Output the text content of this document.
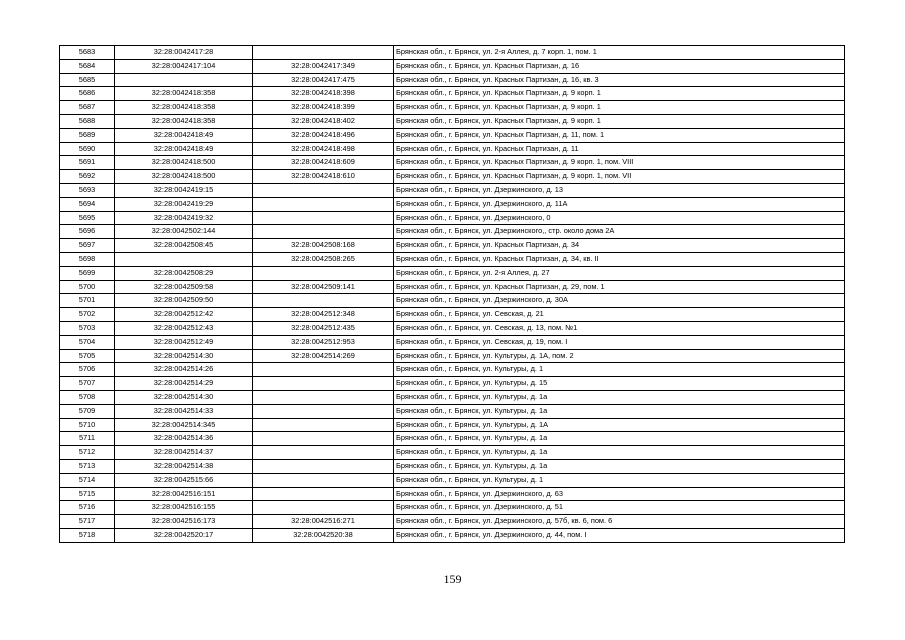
5683	32:28:0042417:28		Брянская обл., г. Брянск, ул. 2-я Аллея, д. 7 корп. 1, пом. 1
5684	32:28:0042417:104	32:28:0042417:349	Брянская обл., г. Брянск, ул. Красных Партизан, д. 16
5685		32:28:0042417:475	Брянская обл., г. Брянск, ул. Красных Партизан, д. 16, кв. 3
5686	32:28:0042418:358	32:28:0042418:398	Брянская обл., г. Брянск, ул. Красных Партизан, д. 9 корп. 1
5687	32:28:0042418:358	32:28:0042418:399	Брянская обл., г. Брянск, ул. Красных Партизан, д. 9 корп. 1
5688	32:28:0042418:358	32:28:0042418:402	Брянская обл., г. Брянск, ул. Красных Партизан, д. 9 корп. 1
5689	32:28:0042418:49	32:28:0042418:496	Брянская обл., г. Брянск, ул. Красных Партизан, д. 11, пом. 1
5690	32:28:0042418:49	32:28:0042418:498	Брянская обл., г. Брянск, ул. Красных Партизан, д. 11
5691	32:28:0042418:500	32:28:0042418:609	Брянская обл., г. Брянск, ул. Красных Партизан, д. 9 корп. 1, пом. VIII
5692	32:28:0042418:500	32:28:0042418:610	Брянская обл., г. Брянск, ул. Красных Партизан, д. 9 корп. 1, пом. VII
5693	32:28:0042419:15		Брянская обл., г. Брянск, ул. Дзержинского, д. 13
5694	32:28:0042419:29		Брянская обл., г. Брянск, ул. Дзержинского, д. 11А
5695	32:28:0042419:32		Брянская обл., г. Брянск, ул. Дзержинского, 0
5696	32:28:0042502:144		Брянская обл., г. Брянск, ул. Дзержинского,, стр. около дома 2А
5697	32:28:0042508:45	32:28:0042508:168	Брянская обл., г. Брянск, ул. Красных Партизан, д. 34
5698		32:28:0042508:265	Брянская обл., г. Брянск, ул. Красных Партизан, д. 34, кв. II
5699	32:28:0042508:29		Брянская обл., г. Брянск, ул. 2-я Аллея, д. 27
5700	32:28:0042509:58	32:28:0042509:141	Брянская обл., г. Брянск, ул. Красных Партизан, д. 29, пом. 1
5701	32:28:0042509:50		Брянская обл., г. Брянск, ул. Дзержинского, д. 30А
5702	32:28:0042512:42	32:28:0042512:348	Брянская обл., г. Брянск, ул. Севская, д. 21
5703	32:28:0042512:43	32:28:0042512:435	Брянская обл., г. Брянск, ул. Севская, д. 13, пом. №1
5704	32:28:0042512:49	32:28:0042512:953	Брянская обл., г. Брянск, ул. Севская, д. 19, пом. I
5705	32:28:0042514:30	32:28:0042514:269	Брянская обл., г. Брянск, ул. Культуры, д. 1А, пом. 2
5706	32:28:0042514:26		Брянская обл., г. Брянск, ул. Культуры, д. 1
5707	32:28:0042514:29		Брянская обл., г. Брянск, ул. Культуры, д. 15
5708	32:28:0042514:30		Брянская обл., г. Брянск, ул. Культуры, д. 1а
5709	32:28:0042514:33		Брянская обл., г. Брянск, ул. Культуры, д. 1а
5710	32:28:0042514:345		Брянская обл., г. Брянск, ул. Культуры, д. 1А
5711	32:28:0042514:36		Брянская обл., г. Брянск, ул. Культуры, д. 1а
5712	32:28:0042514:37		Брянская обл., г. Брянск, ул. Культуры, д. 1а
5713	32:28:0042514:38		Брянская обл., г. Брянск, ул. Культуры, д. 1а
5714	32:28:0042515:66		Брянская обл., г. Брянск, ул. Культуры, д. 1
5715	32:28:0042516:151		Брянская обл., г. Брянск, ул. Дзержинского, д. 63
5716	32:28:0042516:155		Брянская обл., г. Брянск, ул. Дзержинского, д. 51
5717	32:28:0042516:173	32:28:0042516:271	Брянская обл., г. Брянск, ул. Дзержинского, д. 57б, кв. 6, пом. 6
5718	32:28:0042520:17	32:28:0042520:38	Брянская обл., г. Брянск, ул. Дзержинского, д. 44, пом. I
159
